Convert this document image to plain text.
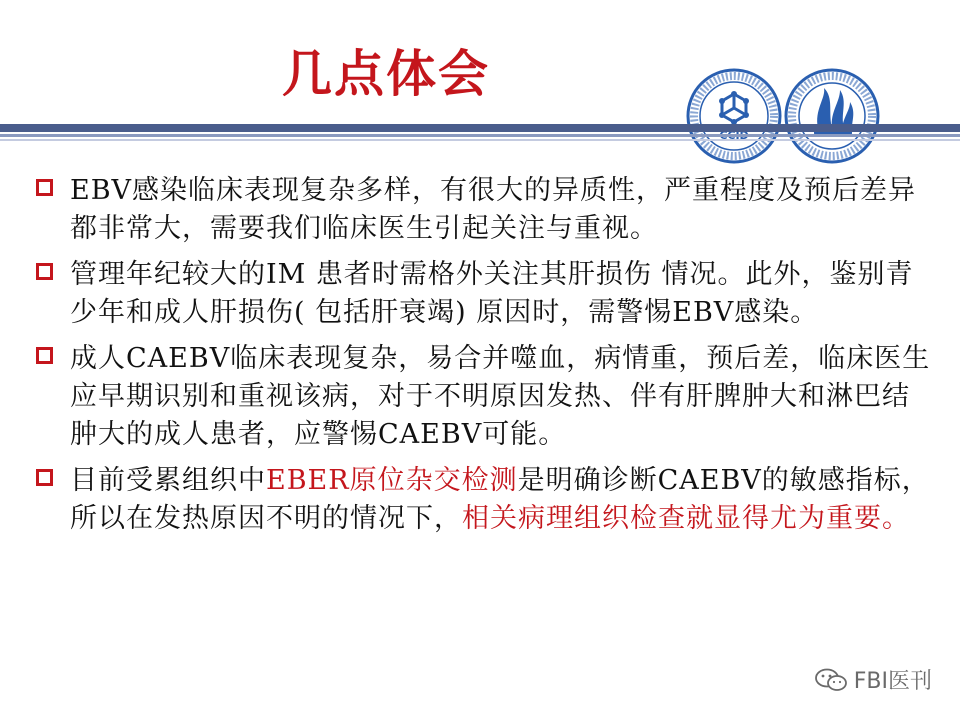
几点体会

EBV感染临床表现复杂多样，有很大的异质性，严重程度及预后差异都非常大，需要我们临床医生引起关注与重视。

管理年纪较大的IM 患者时需格外关注其肝损伤 情况。此外，鉴别青少年和成人肝损伤( 包括肝衰竭) 原因时，需警惕EBV感染。

成人CAEBV临床表现复杂，易合并噬血，病情重，预后差，临床医生应早期识别和重视该病，对于不明原因发热、伴有肝脾肿大和淋巴结肿大的成人患者，应警惕CAEBV可能。

目前受累组织中EBER原位杂交检测是明确诊断CAEBV的敏感指标，所以在发热原因不明的情况下，相关病理组织检查就显得尤为重要。

FBI医刊
